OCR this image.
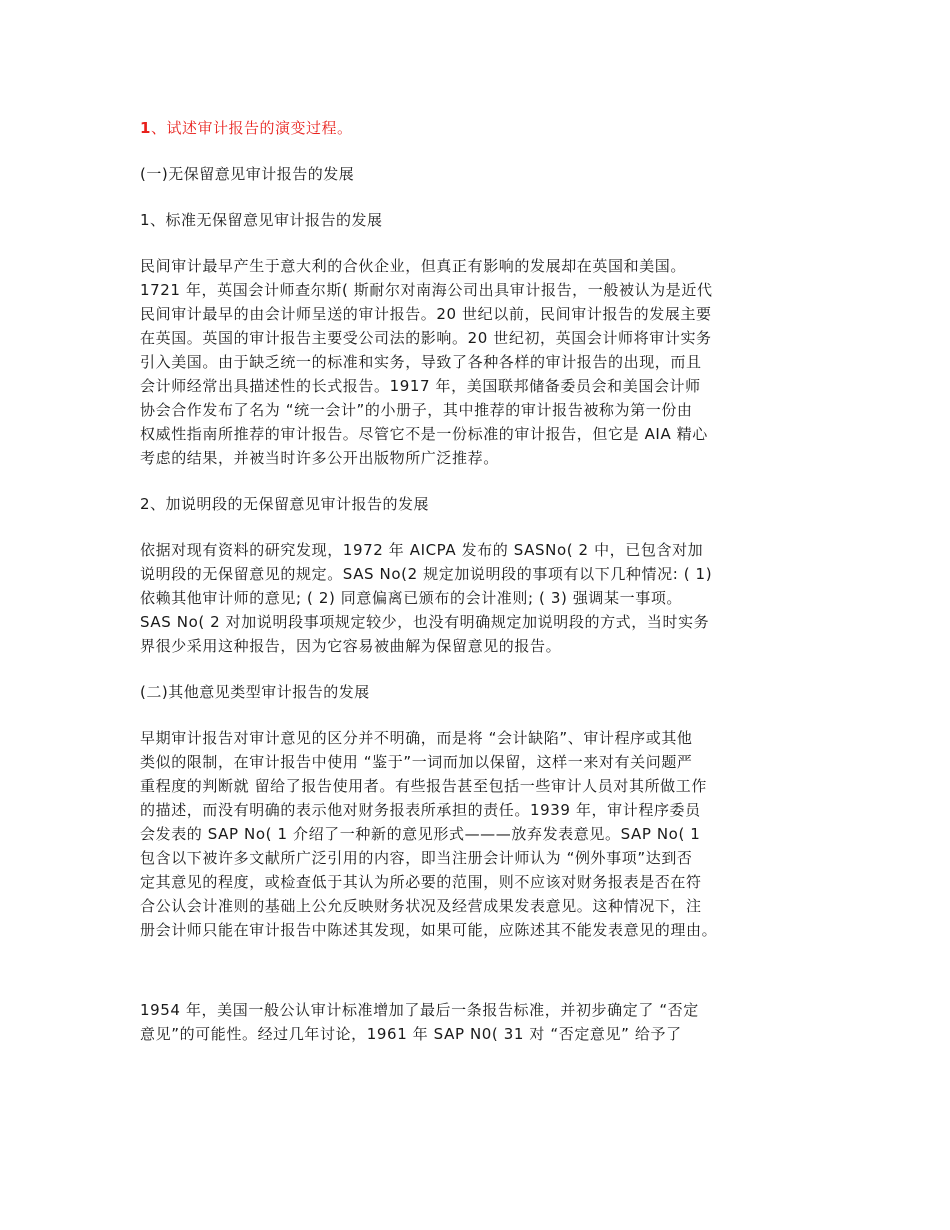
1、试述审计报告的演变过程。
(一)无保留意见审计报告的发展
1、标准无保留意见审计报告的发展
民间审计最早产生于意大利的合伙企业，但真正有影响的发展却在英国和美国。
1721 年，英国会计师查尔斯( 斯耐尔对南海公司出具审计报告，一般被认为是近代
民间审计最早的由会计师呈送的审计报告。20 世纪以前，民间审计报告的发展主要
在英国。英国的审计报告主要受公司法的影响。20 世纪初，英国会计师将审计实务
引入美国。由于缺乏统一的标准和实务，导致了各种各样的审计报告的出现，而且
会计师经常出具描述性的长式报告。1917 年，美国联邦储备委员会和美国会计师
协会合作发布了名为 “统一会计”的小册子，其中推荐的审计报告被称为第一份由
权威性指南所推荐的审计报告。尽管它不是一份标准的审计报告，但它是 AIA 精心
考虑的结果，并被当时许多公开出版物所广泛推荐。
2、加说明段的无保留意见审计报告的发展
依据对现有资料的研究发现，1972 年 AICPA 发布的 SASNo( 2 中，已包含对加
说明段的无保留意见的规定。SAS No(2 规定加说明段的事项有以下几种情况: ( 1)
依赖其他审计师的意见; ( 2) 同意偏离已颁布的会计准则; ( 3) 强调某一事项。
SAS No( 2 对加说明段事项规定较少，也没有明确规定加说明段的方式，当时实务
界很少采用这种报告，因为它容易被曲解为保留意见的报告。
(二)其他意见类型审计报告的发展
早期审计报告对审计意见的区分并不明确，而是将 “会计缺陷”、审计程序或其他
类似的限制，在审计报告中使用 “鉴于”一词而加以保留，这样一来对有关问题严
重程度的判断就 留给了报告使用者。有些报告甚至包括一些审计人员对其所做工作
的描述，而没有明确的表示他对财务报表所承担的责任。1939 年，审计程序委员
会发表的 SAP No( 1 介绍了一种新的意见形式———放弃发表意见。SAP No( 1
包含以下被许多文献所广泛引用的内容，即当注册会计师认为 “例外事项”达到否
定其意见的程度，或检查低于其认为所必要的范围，则不应该对财务报表是否在符
合公认会计准则的基础上公允反映财务状况及经营成果发表意见。这种情况下，注
册会计师只能在审计报告中陈述其发现，如果可能，应陈述其不能发表意见的理由。
1954 年，美国一般公认审计标准增加了最后一条报告标准，并初步确定了 “否定
意见”的可能性。经过几年讨论，1961 年 SAP N0( 31 对 “否定意见” 给予了
